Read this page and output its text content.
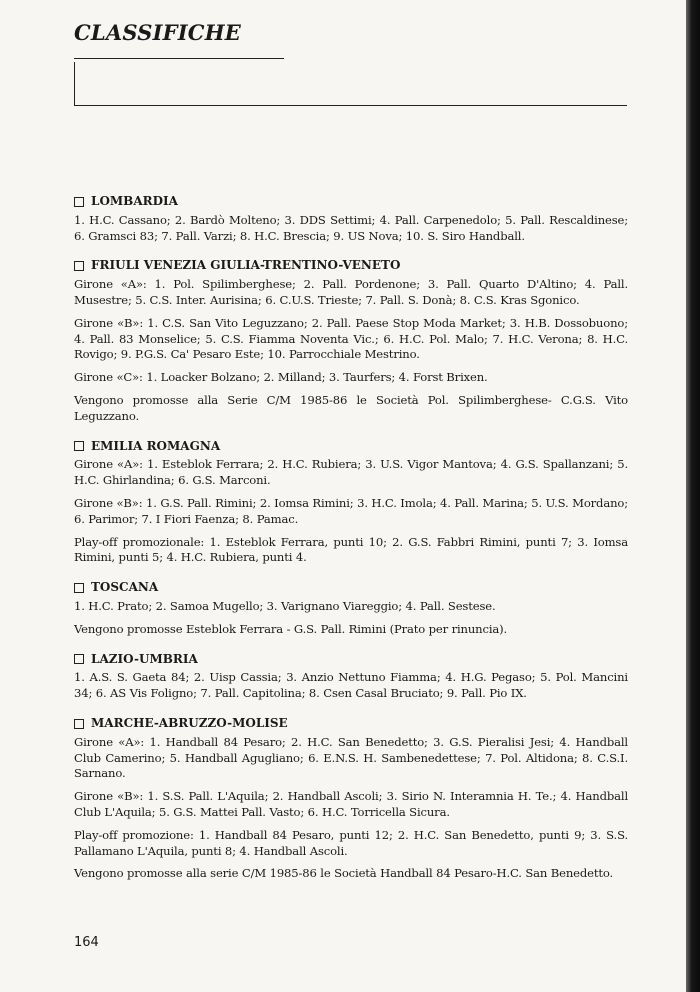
CLASSIFICHE
LOMBARDIA

1. H.C. Cassano; 2. Bardò Molteno; 3. DDS Settimi; 4. Pall. Carpenedolo; 5. Pall. Rescaldinese; 6. Gramsci 83; 7. Pall. Varzi; 8. H.C. Brescia; 9. US Nova; 10. S. Siro Handball.

FRIULI VENEZIA GIULIA-TRENTINO-VENETO

Girone «A»: 1. Pol. Spilimberghese; 2. Pall. Pordenone; 3. Pall. Quarto D'Altino; 4. Pall. Musestre; 5. C.S. Inter. Aurisina; 6. C.U.S. Trieste; 7. Pall. S. Donà; 8. C.S. Kras Sgonico.

Girone «B»: 1. C.S. San Vito Leguzzano; 2. Pall. Paese Stop Moda Market; 3. H.B. Dossobuono; 4. Pall. 83 Monselice; 5. C.S. Fiamma Noventa Vic.; 6. H.C. Pol. Malo; 7. H.C. Verona; 8. H.C. Rovigo; 9. P.G.S. Ca' Pesaro Este; 10. Parrocchiale Mestrino.

Girone «C»: 1. Loacker Bolzano; 2. Milland; 3. Taurfers; 4. Forst Brixen.

Vengono promosse alla Serie C/M 1985-86 le Società Pol. Spilimberghese- C.G.S. Vito Leguzzano.

EMILIA ROMAGNA

Girone «A»: 1. Esteblok Ferrara; 2. H.C. Rubiera; 3. U.S. Vigor Mantova; 4. G.S. Spallanzani; 5. H.C. Ghirlandina; 6. G.S. Marconi.

Girone «B»: 1. G.S. Pall. Rimini; 2. Iomsa Rimini; 3. H.C. Imola; 4. Pall. Marina; 5. U.S. Mordano; 6. Parimor; 7. I Fiori Faenza; 8. Pamac.

Play-off promozionale: 1. Esteblok Ferrara, punti 10; 2. G.S. Fabbri Rimini, punti 7; 3. Iomsa Rimini, punti 5; 4. H.C. Rubiera, punti 4.

TOSCANA

1. H.C. Prato; 2. Samoa Mugello; 3. Varignano Viareggio; 4. Pall. Sestese.

Vengono promosse Esteblok Ferrara - G.S. Pall. Rimini (Prato per rinuncia).

LAZIO-UMBRIA

1. A.S. S. Gaeta 84; 2. Uisp Cassia; 3. Anzio Nettuno Fiamma; 4. H.G. Pegaso; 5. Pol. Mancini 34; 6. AS Vis Foligno; 7. Pall. Capitolina; 8. Csen Casal Bruciato; 9. Pall. Pio IX.

MARCHE-ABRUZZO-MOLISE

Girone «A»: 1. Handball 84 Pesaro; 2. H.C. San Benedetto; 3. G.S. Pieralisi Jesi; 4. Handball Club Camerino; 5. Handball Agugliano; 6. E.N.S. H. Sambenedettese; 7. Pol. Altidona; 8. C.S.I. Sarnano.

Girone «B»: 1. S.S. Pall. L'Aquila; 2. Handball Ascoli; 3. Sirio N. Interamnia H. Te.; 4. Handball Club L'Aquila; 5. G.S. Mattei Pall. Vasto; 6. H.C. Torricella Sicura.

Play-off promozione: 1. Handball 84 Pesaro, punti 12; 2. H.C. San Benedetto, punti 9; 3. S.S. Pallamano L'Aquila, punti 8; 4. Handball Ascoli.

Vengono promosse alla serie C/M 1985-86 le Società Handball 84 Pesaro-H.C. San Benedetto.

164
